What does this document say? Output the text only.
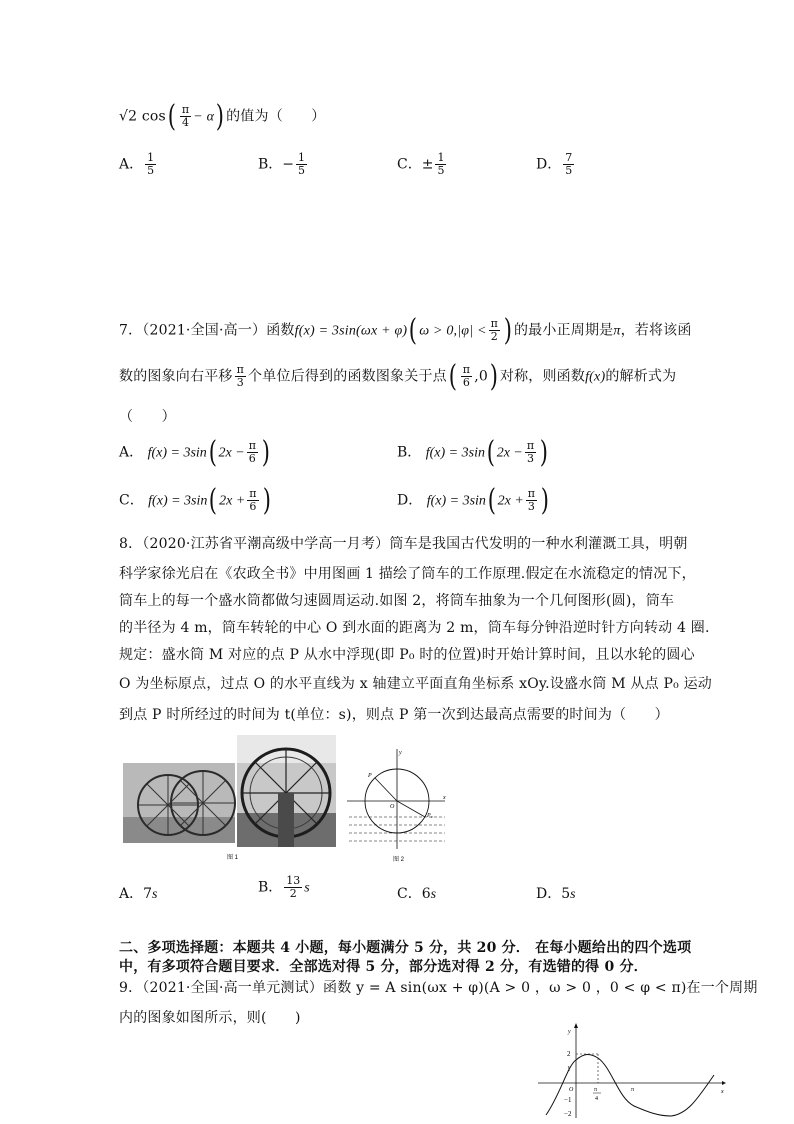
√2 $\cos( \frac{\pi}{4} - \alpha)$ 的值为（　　）
A． $\frac{1}{5}$	B．− $\frac{1}{5}$	C．± $\frac{1}{5}$	D． $\frac{7}{5}$
7．（2021·全国·高一）函数f(x) = 3sin(ωx + φ)( $\omega > 0,|\varphi| < \frac{\pi}{2}$ ) 的最小正周期是π，若将该函
数的图象向右平移 $\frac{\pi}{3}$ 个单位后得到的函数图象关于点( $\frac{\pi}{6} ,0$) 对称，则函数f(x)的解析式为
（　　）
A． f(x) = 3sin( $2x - \frac{\pi}{6}$ )	B． f(x) = 3sin( $2x - \frac{\pi}{3}$ )
C． f(x) = 3sin( $2x + \frac{\pi}{6}$ )	D． f(x) = 3sin( $2x + \frac{\pi}{3}$ )
8．（2020·江苏省平潮高级中学高一月考）筒车是我国古代发明的一种水利灌溉工具，明朝
科学家徐光启在《农政全书》中用图画 1 描绘了筒车的工作原理.假定在水流稳定的情况下，
筒车上的每一个盛水筒都做匀速圆周运动.如图 2，将筒车抽象为一个几何图形(圆)，筒车
的半径为 4 m，筒车转轮的中心 O 到水面的距离为 2 m，筒车每分钟沿逆时针方向转动 4 圈.
规定：盛水筒 M 对应的点 P 从水中浮现(即 P₀ 时的位置)时开始计算时间，且以水轮的圆心
O 为坐标原点，过点 O 的水平直线为 x 轴建立平面直角坐标系 xOy.设盛水筒 M 从点 P₀ 运动
到点 P 时所经过的时间为 t(单位：s)，则点 P 第一次到达最高点需要的时间为（　　）
图 1
y
x
O
P
P₀
图 2
A．7s	B． $\frac{13}{2}$ s	C．6s	D．5s
二、多项选择题：本题共 4 小题，每小题满分 5 分，共 20 分． 在每小题给出的四个选项
中，有多项符合题目要求．全部选对得 5 分，部分选对得 2 分，有选错的得 0 分．
9．（2021·全国·高一单元测试）函数 y = A sin(ωx + φ)(A > 0 ，ω > 0 ，0 < φ < π)在一个周期
内的图象如图所示，则(　　)
y
x
2
1
−1
−2
O	π
4
π
